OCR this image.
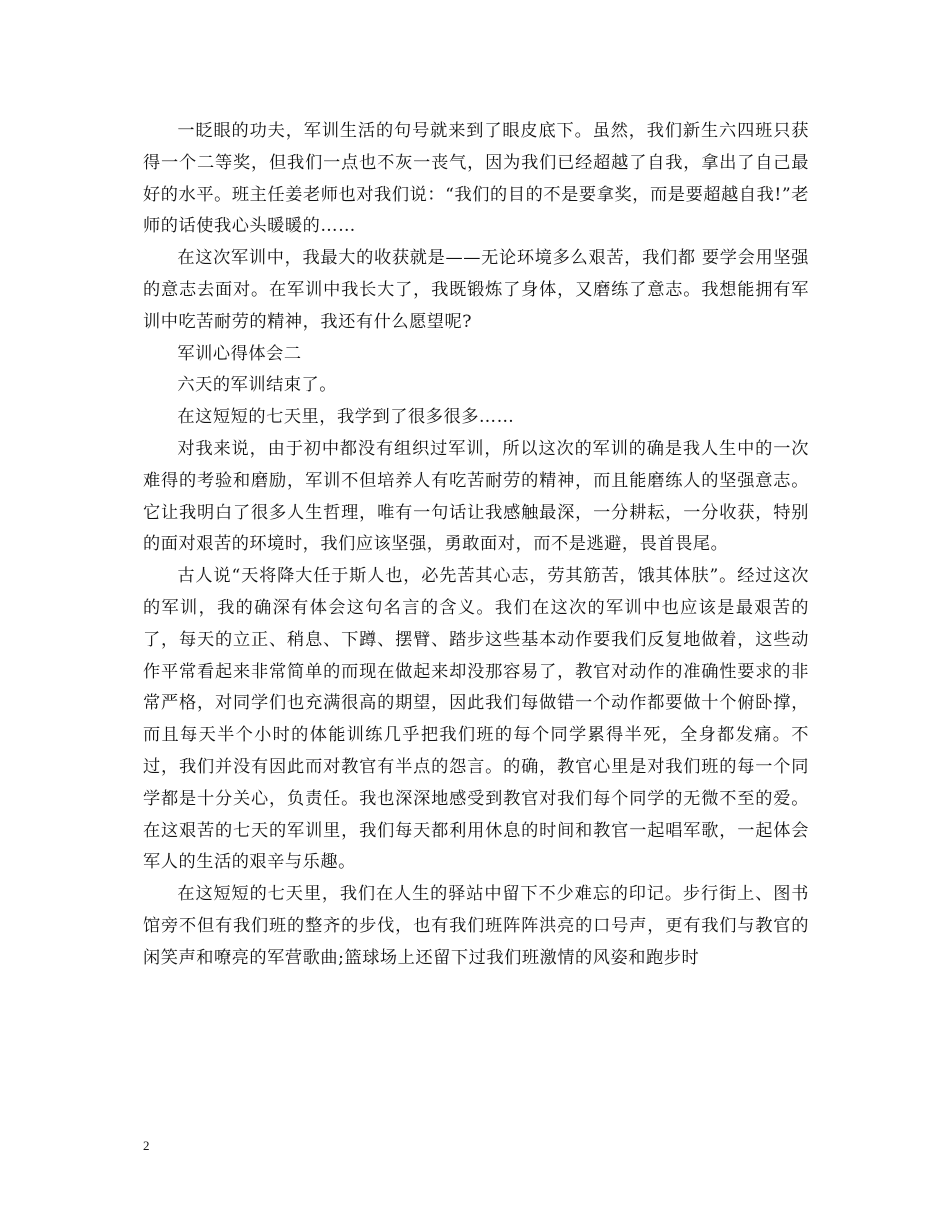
一眨眼的功夫，军训生活的句号就来到了眼皮底下。虽然，我们新生六四班只获得一个二等奖，但我们一点也不灰一丧气，因为我们已经超越了自我，拿出了自己最好的水平。班主任姜老师也对我们说：“我们的目的不是要拿奖，而是要超越自我!”老师的话使我心头暖暖的……

在这次军训中，我最大的收获就是——无论环境多么艰苦，我们都 要学会用坚强的意志去面对。在军训中我长大了，我既锻炼了身体，又磨练了意志。我想能拥有军训中吃苦耐劳的精神，我还有什么愿望呢?

军训心得体会二

六天的军训结束了。

在这短短的七天里，我学到了很多很多……

对我来说，由于初中都没有组织过军训，所以这次的军训的确是我人生中的一次难得的考验和磨励，军训不但培养人有吃苦耐劳的精神，而且能磨练人的坚强意志。它让我明白了很多人生哲理，唯有一句话让我感触最深，一分耕耘，一分收获，特别的面对艰苦的环境时，我们应该坚强，勇敢面对，而不是逃避，畏首畏尾。

古人说“天将降大任于斯人也，必先苦其心志，劳其筋苦，饿其体肤”。经过这次的军训，我的确深有体会这句名言的含义。我们在这次的军训中也应该是最艰苦的了，每天的立正、稍息、下蹲、摆臂、踏步这些基本动作要我们反复地做着，这些动作平常看起来非常简单的而现在做起来却没那容易了，教官对动作的准确性要求的非常严格，对同学们也充满很高的期望，因此我们每做错一个动作都要做十个俯卧撑，而且每天半个小时的体能训练几乎把我们班的每个同学累得半死，全身都发痛。不过，我们并没有因此而对教官有半点的怨言。的确，教官心里是对我们班的每一个同学都是十分关心，负责任。我也深深地感受到教官对我们每个同学的无微不至的爱。在这艰苦的七天的军训里，我们每天都利用休息的时间和教官一起唱军歌，一起体会军人的生活的艰辛与乐趣。

在这短短的七天里，我们在人生的驿站中留下不少难忘的印记。步行街上、图书馆旁不但有我们班的整齐的步伐，也有我们班阵阵洪亮的口号声，更有我们与教官的闲笑声和嘹亮的军营歌曲;篮球场上还留下过我们班激情的风姿和跑步时

2
